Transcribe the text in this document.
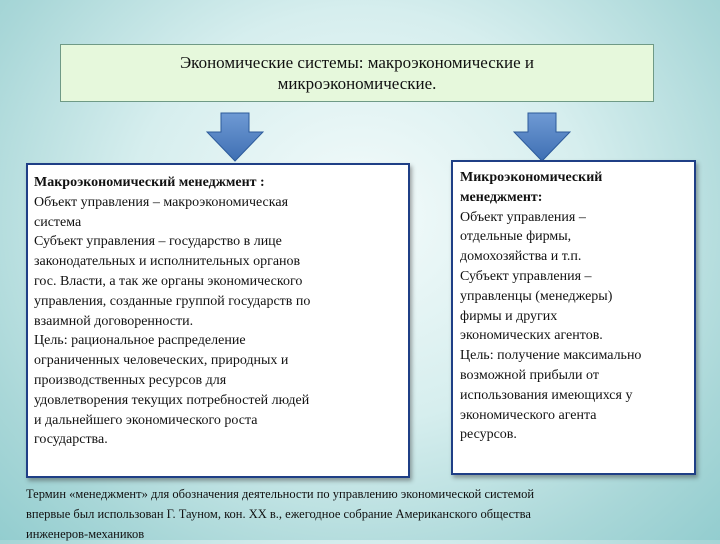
Экономические системы: макроэкономические и
микроэкономические.
Макроэкономический менеджмент :
Объект управления – макроэкономическая
система
Субъект управления – государство в лице
законодательных и исполнительных органов
гос. Власти, а так же органы экономического
управления, созданные группой государств по
взаимной договоренности.
Цель: рациональное распределение
ограниченных человеческих, природных и
производственных ресурсов для
удовлетворения текущих потребностей людей
и дальнейшего экономического роста
государства.
Микроэкономический
менеджмент:
Объект управления –
отдельные фирмы,
домохозяйства и т.п.
Субъект управления –
управленцы (менеджеры)
фирмы и других
экономических агентов.
Цель: получение максимально
возможной прибыли от
использования имеющихся у
экономического агента
ресурсов.
Термин «менеджмент» для обозначения деятельности по управлению экономической системой
впервые был использован Г. Тауном, кон. XX в., ежегодное собрание Американского общества
инженеров-механиков
